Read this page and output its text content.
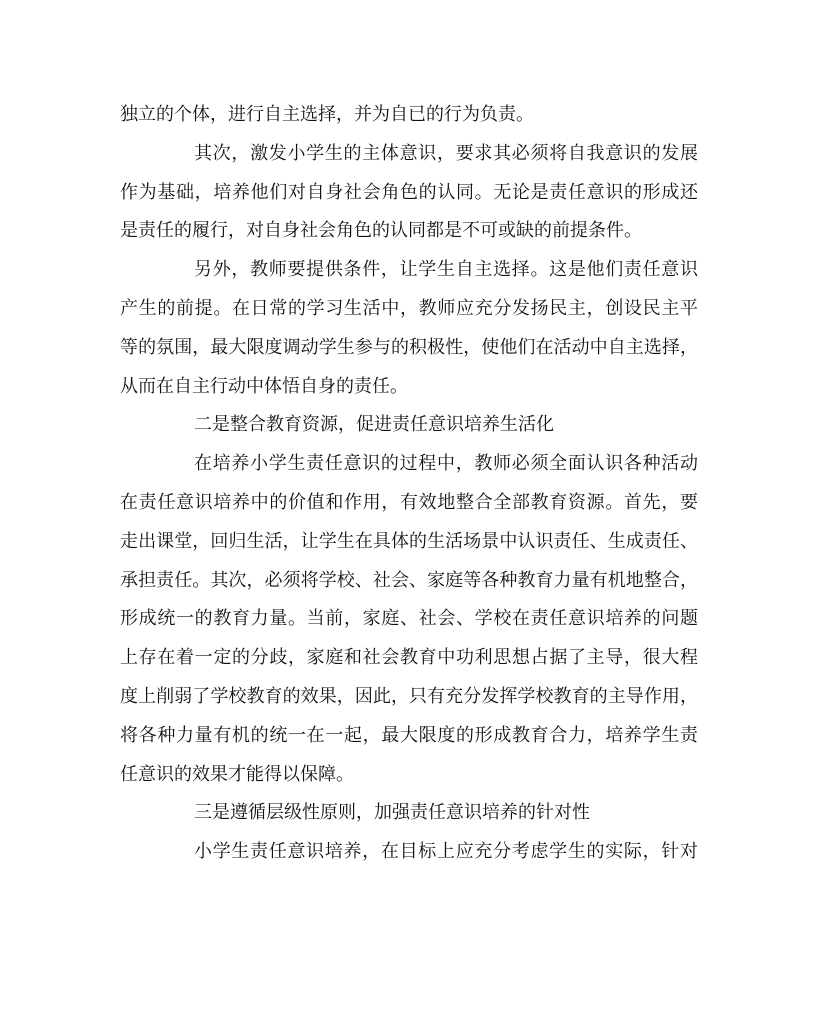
独立的个体，进行自主选择，并为自已的行为负责。
其次，激发小学生的主体意识，要求其必须将自我意识的发展
作为基础，培养他们对自身社会角色的认同。无论是责任意识的形成还
是责任的履行，对自身社会角色的认同都是不可或缺的前提条件。
另外，教师要提供条件，让学生自主选择。这是他们责任意识
产生的前提。在日常的学习生活中，教师应充分发扬民主，创设民主平
等的氛围，最大限度调动学生参与的积极性，使他们在活动中自主选择，
从而在自主行动中体悟自身的责任。
二是整合教育资源，促进责任意识培养生活化
在培养小学生责任意识的过程中，教师必须全面认识各种活动
在责任意识培养中的价值和作用，有效地整合全部教育资源。首先，要
走出课堂，回归生活，让学生在具体的生活场景中认识责任、生成责任、
承担责任。其次，必须将学校、社会、家庭等各种教育力量有机地整合，
形成统一的教育力量。当前，家庭、社会、学校在责任意识培养的问题
上存在着一定的分歧，家庭和社会教育中功利思想占据了主导，很大程
度上削弱了学校教育的效果，因此，只有充分发挥学校教育的主导作用，
将各种力量有机的统一在一起，最大限度的形成教育合力，培养学生责
任意识的效果才能得以保障。
三是遵循层级性原则，加强责任意识培养的针对性
小学生责任意识培养，在目标上应充分考虑学生的实际，针对
